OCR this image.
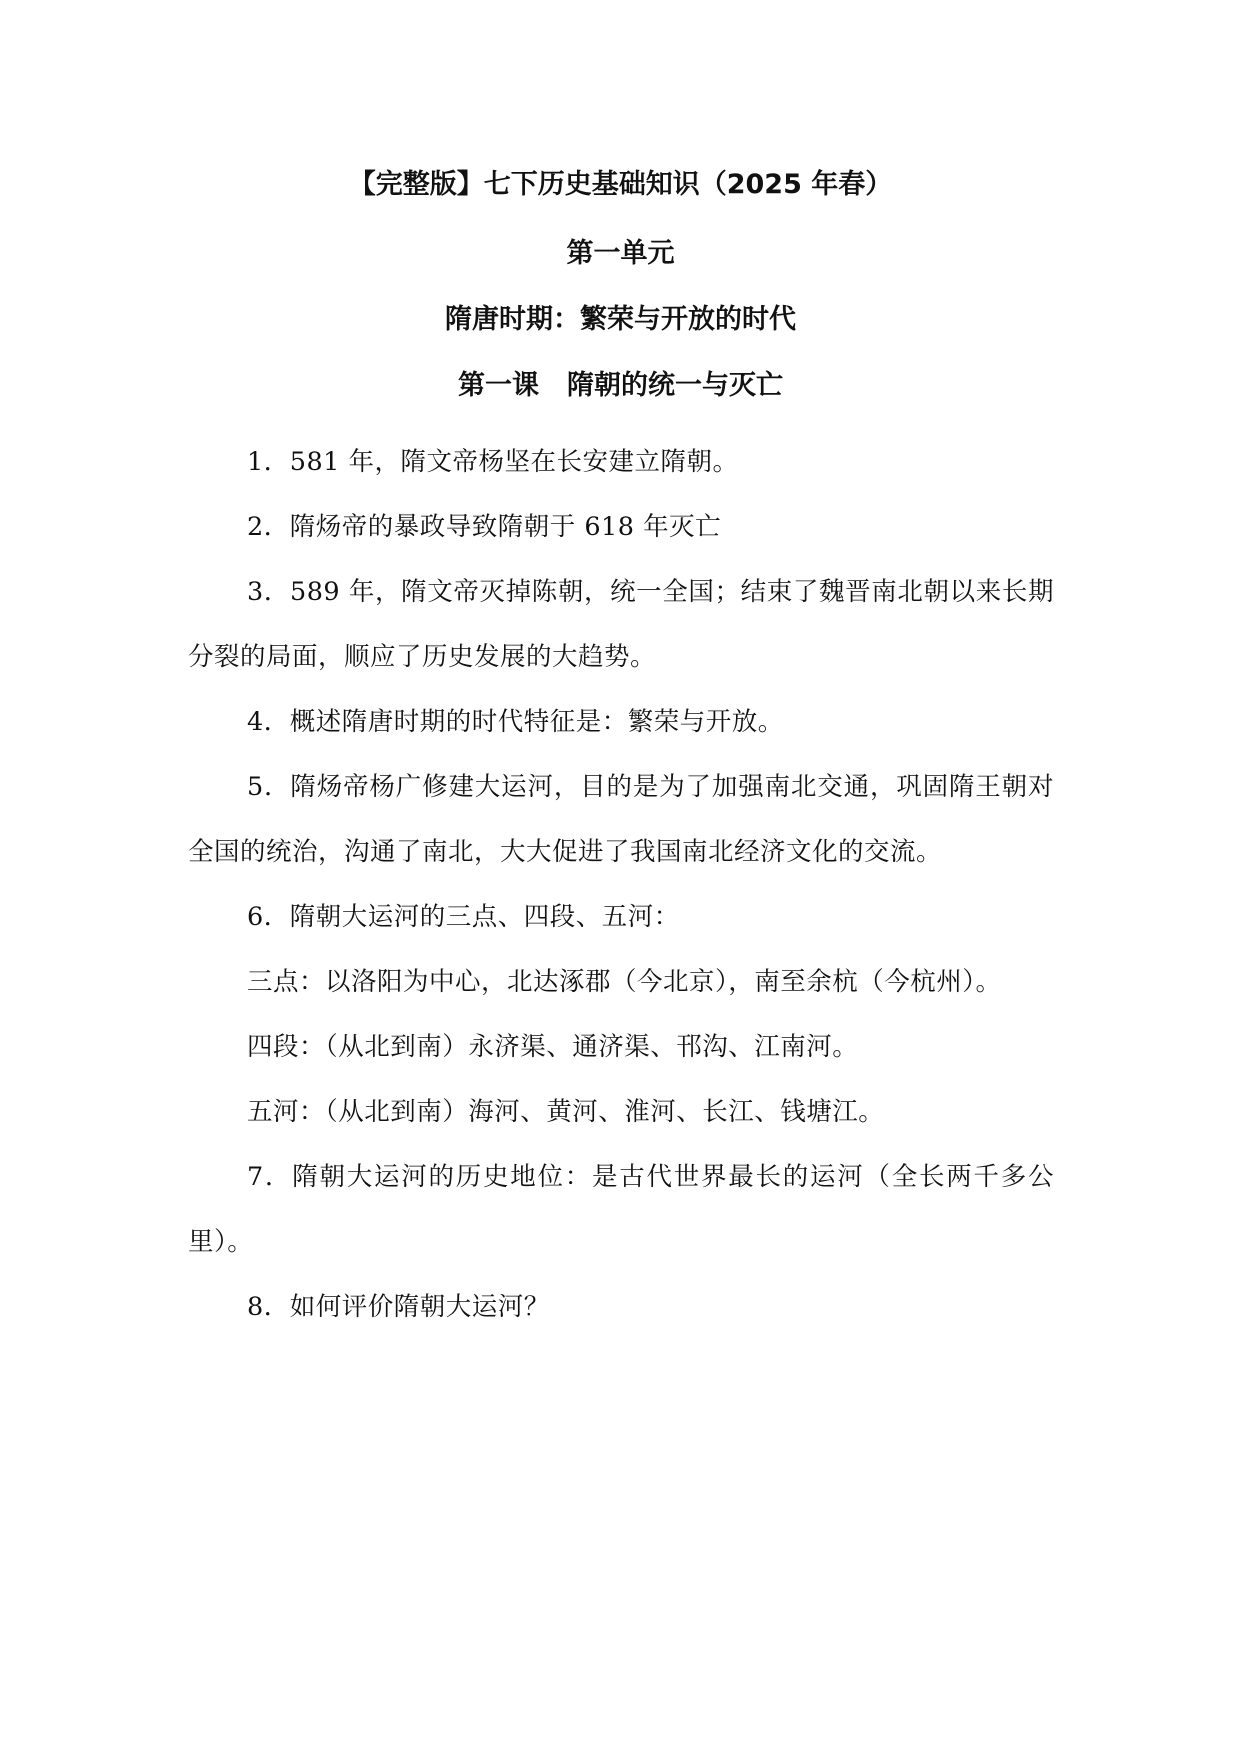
【完整版】七下历史基础知识（2025 年春）
第一单元
隋唐时期：繁荣与开放的时代
第一课 隋朝的统一与灭亡

1．581 年，隋文帝杨坚在长安建立隋朝。

2．隋炀帝的暴政导致隋朝于 618 年灭亡

3．589 年，隋文帝灭掉陈朝，统一全国；结束了魏晋南北朝以来长期分裂的局面，顺应了历史发展的大趋势。

4．概述隋唐时期的时代特征是：繁荣与开放。

5．隋炀帝杨广修建大运河，目的是为了加强南北交通，巩固隋王朝对全国的统治，沟通了南北，大大促进了我国南北经济文化的交流。

6．隋朝大运河的三点、四段、五河：

三点：以洛阳为中心，北达涿郡（今北京），南至余杭（今杭州）。

四段：（从北到南）永济渠、通济渠、邗沟、江南河。

五河：（从北到南）海河、黄河、淮河、长江、钱塘江。

7．隋朝大运河的历史地位：是古代世界最长的运河（全长两千多公里）。

8．如何评价隋朝大运河？
